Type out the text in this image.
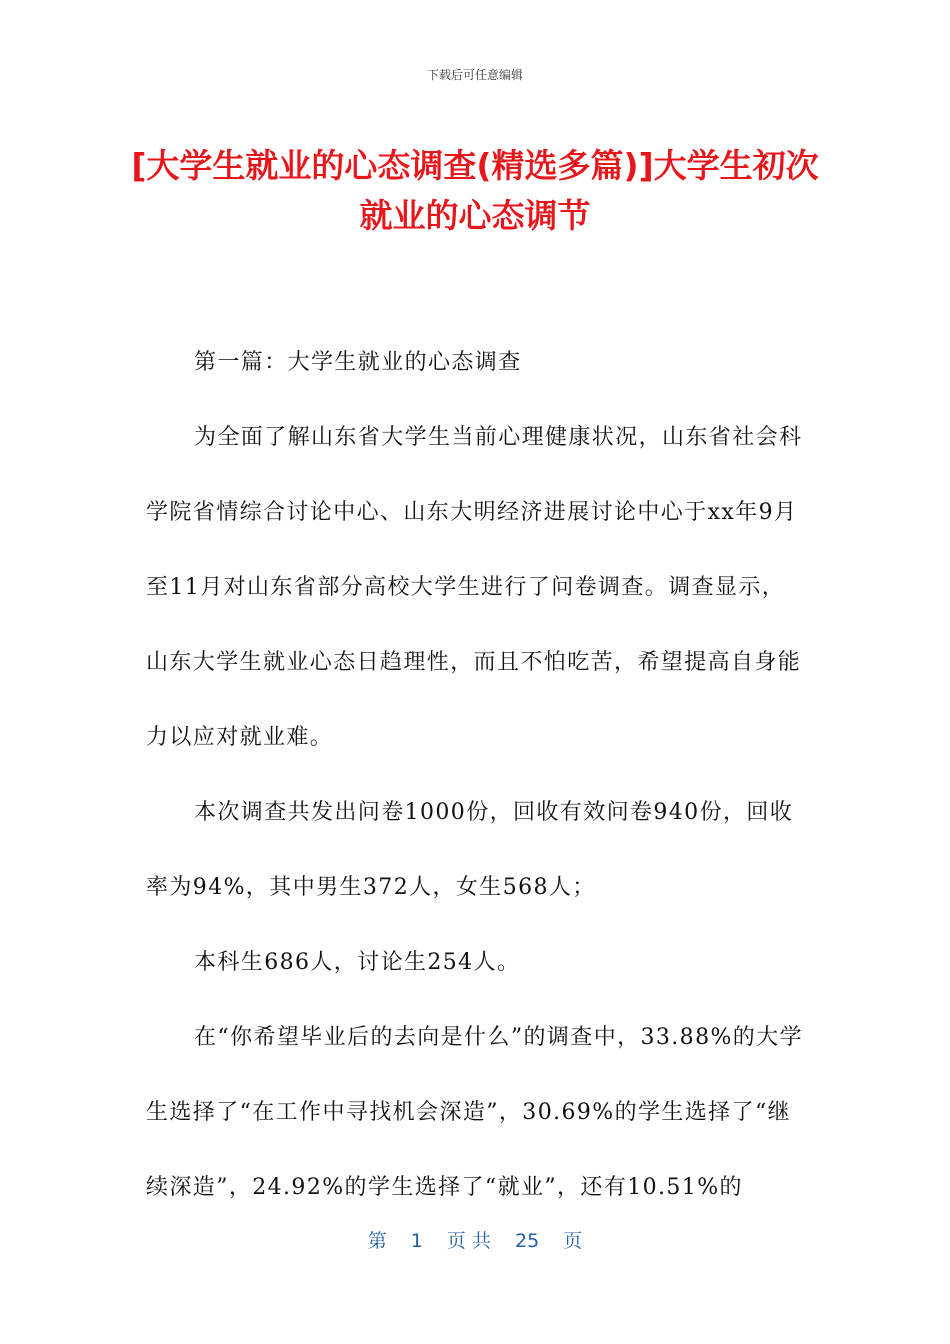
下载后可任意编辑
[大学生就业的心态调查(精选多篇)]大学生初次就业的心态调节

第一篇：大学生就业的心态调查

为全面了解山东省大学生当前心理健康状况，山东省社会科学院省情综合讨论中心、山东大明经济进展讨论中心于xx年9月至11月对山东省部分高校大学生进行了问卷调查。调查显示，山东大学生就业心态日趋理性，而且不怕吃苦，希望提高自身能力以应对就业难。

本次调查共发出问卷1000份，回收有效问卷940份，回收率为94%，其中男生372人，女生568人；

本科生686人，讨论生254人。

在“你希望毕业后的去向是什么”的调查中，33.88%的大学生选择了“在工作中寻找机会深造”，30.69%的学生选择了“继续深造”，24.92%的学生选择了“就业”，还有10.51%的

第 1 页 共 25 页
